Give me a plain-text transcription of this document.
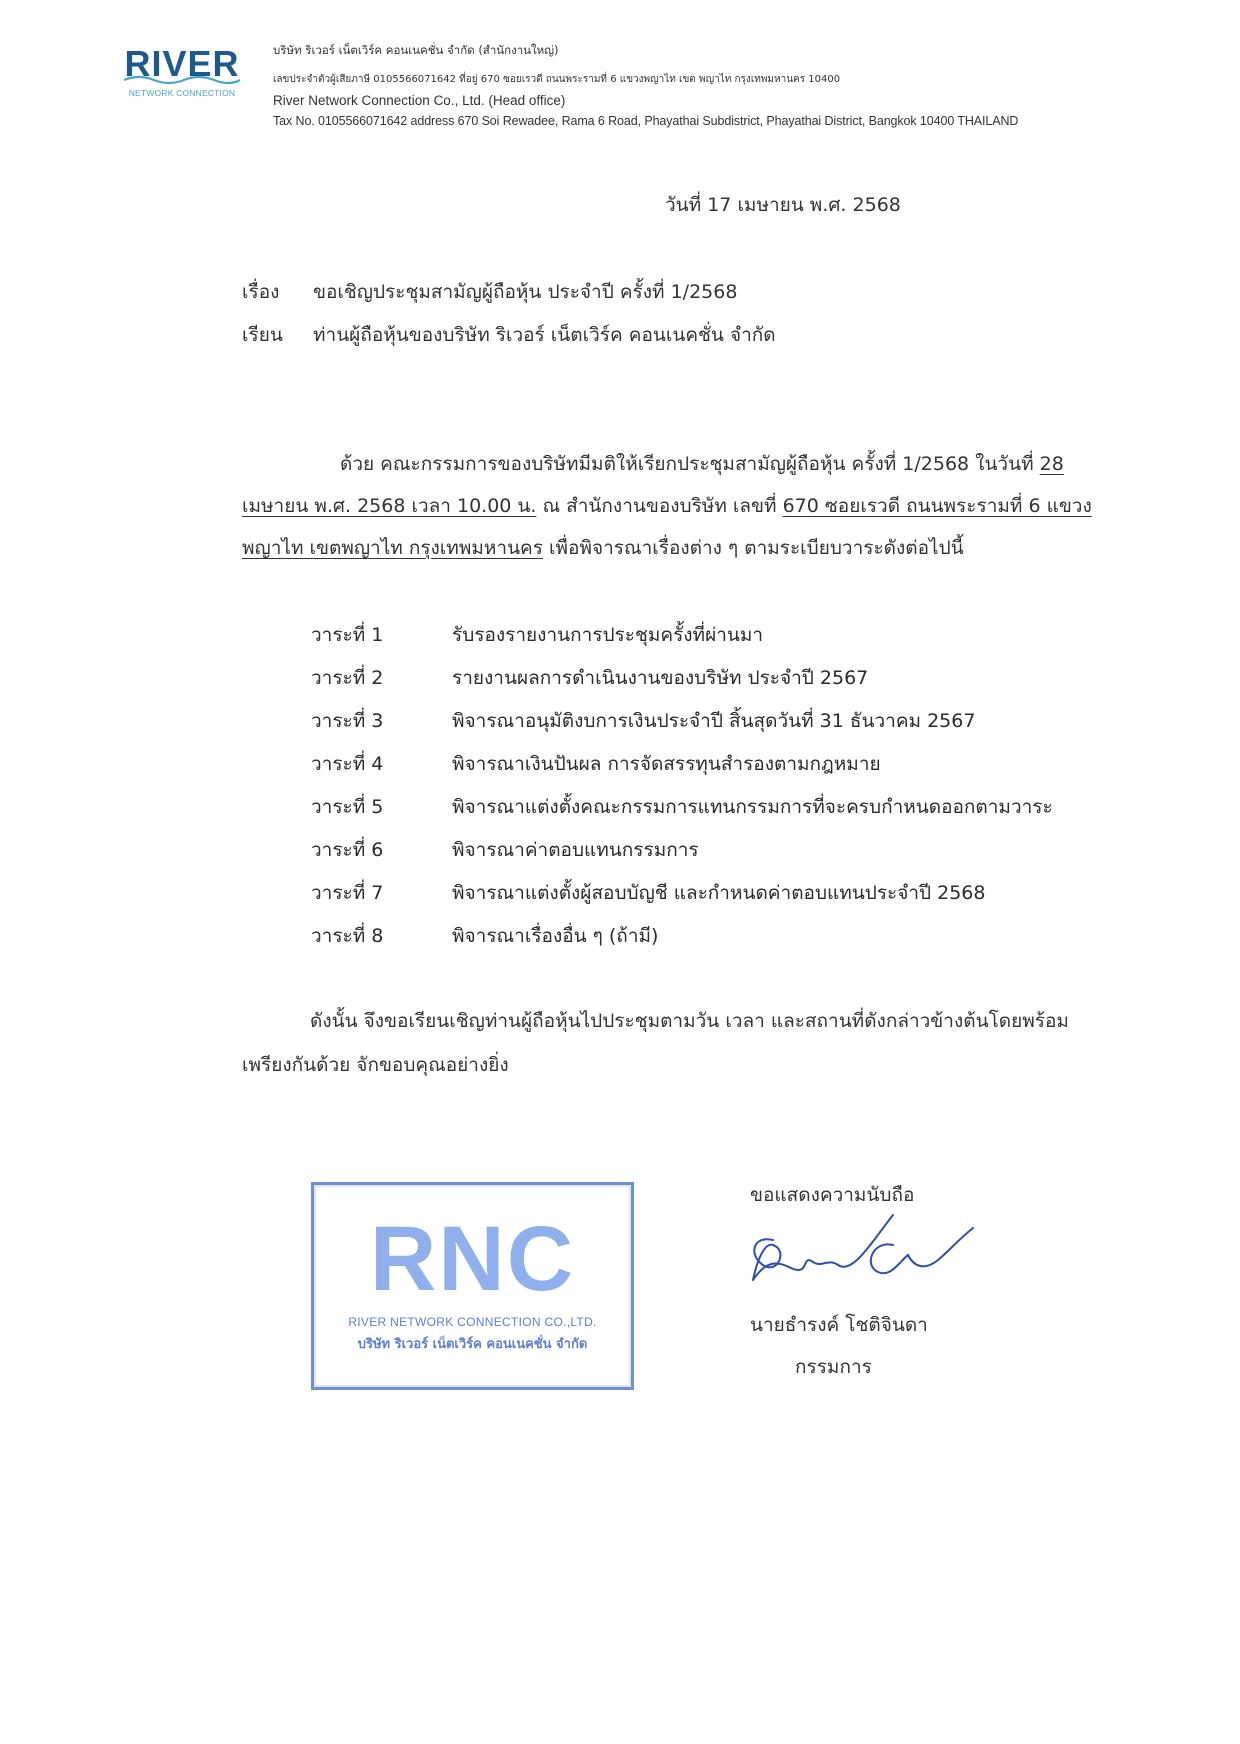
RIVER
NETWORK CONNECTION
บริษัท ริเวอร์ เน็ตเวิร์ค คอนเนคชั่น จำกัด (สำนักงานใหญ่)
เลขประจำตัวผู้เสียภาษี 0105566071642 ที่อยู่ 670 ซอยเรวดี ถนนพระรามที่ 6 แขวงพญาไท เขต พญาไท กรุงเทพมหานคร 10400
River Network Connection Co., Ltd. (Head office)
Tax No. 0105566071642 address 670 Soi Rewadee, Rama 6 Road, Phayathai Subdistrict, Phayathai District, Bangkok 10400 THAILAND
วันที่ 17 เมษายน พ.ศ. 2568
เรื่อง ขอเชิญประชุมสามัญผู้ถือหุ้น ประจำปี ครั้งที่ 1/2568
เรียน ท่านผู้ถือหุ้นของบริษัท ริเวอร์ เน็ตเวิร์ค คอนเนคชั่น จำกัด
ด้วย คณะกรรมการของบริษัทมีมติให้เรียกประชุมสามัญผู้ถือหุ้น ครั้งที่ 1/2568 ในวันที่ 28
เมษายน พ.ศ. 2568 เวลา 10.00 น. ณ สำนักงานของบริษัท เลขที่ 670 ซอยเรวดี ถนนพระรามที่ 6 แขวง
พญาไท เขตพญาไท กรุงเทพมหานคร เพื่อพิจารณาเรื่องต่าง ๆ ตามระเบียบวาระดังต่อไปนี้
วาระที่ 1	รับรองรายงานการประชุมครั้งที่ผ่านมา
วาระที่ 2	รายงานผลการดำเนินงานของบริษัท ประจำปี 2567
วาระที่ 3	พิจารณาอนุมัติงบการเงินประจำปี สิ้นสุดวันที่ 31 ธันวาคม 2567
วาระที่ 4	พิจารณาเงินปันผล การจัดสรรทุนสำรองตามกฎหมาย
วาระที่ 5	พิจารณาแต่งตั้งคณะกรรมการแทนกรรมการที่จะครบกำหนดออกตามวาระ
วาระที่ 6	พิจารณาค่าตอบแทนกรรมการ
วาระที่ 7	พิจารณาแต่งตั้งผู้สอบบัญชี และกำหนดค่าตอบแทนประจำปี 2568
วาระที่ 8	พิจารณาเรื่องอื่น ๆ (ถ้ามี)
ดังนั้น จึงขอเรียนเชิญท่านผู้ถือหุ้นไปประชุมตามวัน เวลา และสถานที่ดังกล่าวข้างต้นโดยพร้อม
เพรียงกันด้วย จักขอบคุณอย่างยิ่ง
RNC
RIVER NETWORK CONNECTION CO.,LTD.
บริษัท ริเวอร์ เน็ตเวิร์ค คอนเนคชั่น จำกัด
ขอแสดงความนับถือ
นายธำรงค์ โชติจินดา
กรรมการ
